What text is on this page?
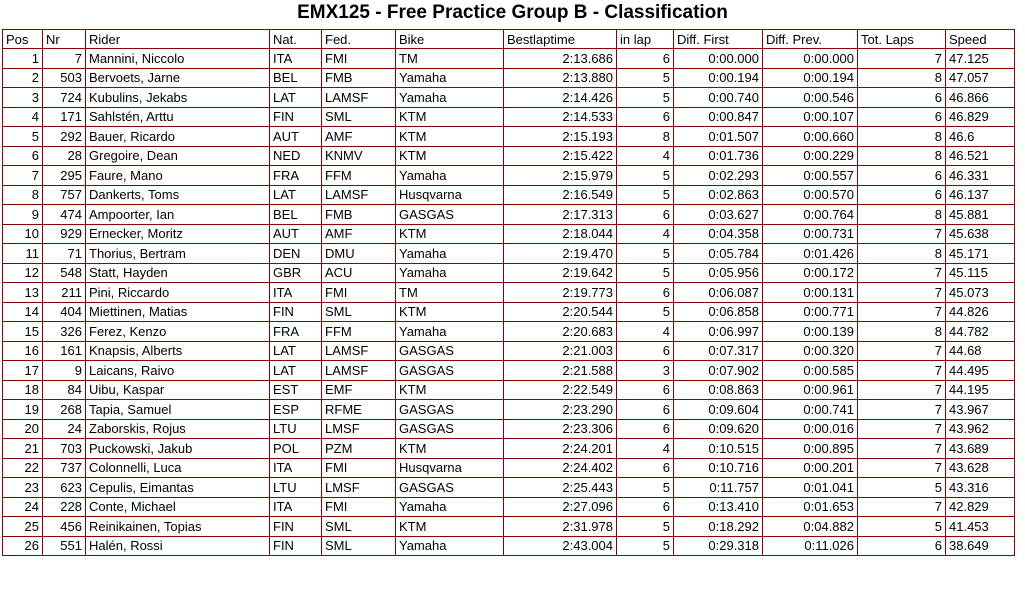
EMX125 - Free Practice Group B - Classification
Pos	Nr	Rider	Nat.	Fed.	Bike	Bestlaptime	in lap	Diff. First	Diff. Prev.	Tot. Laps	Speed
1	7	Mannini, Niccolo	ITA	FMI	TM	2:13.686	6	0:00.000	0:00.000	7	47.125
2	503	Bervoets, Jarne	BEL	FMB	Yamaha	2:13.880	5	0:00.194	0:00.194	8	47.057
3	724	Kubulins, Jekabs	LAT	LAMSF	Yamaha	2:14.426	5	0:00.740	0:00.546	6	46.866
4	171	Sahlstén, Arttu	FIN	SML	KTM	2:14.533	6	0:00.847	0:00.107	6	46.829
5	292	Bauer, Ricardo	AUT	AMF	KTM	2:15.193	8	0:01.507	0:00.660	8	46.6
6	28	Gregoire, Dean	NED	KNMV	KTM	2:15.422	4	0:01.736	0:00.229	8	46.521
7	295	Faure, Mano	FRA	FFM	Yamaha	2:15.979	5	0:02.293	0:00.557	6	46.331
8	757	Dankerts, Toms	LAT	LAMSF	Husqvarna	2:16.549	5	0:02.863	0:00.570	6	46.137
9	474	Ampoorter, Ian	BEL	FMB	GASGAS	2:17.313	6	0:03.627	0:00.764	8	45.881
10	929	Ernecker, Moritz	AUT	AMF	KTM	2:18.044	4	0:04.358	0:00.731	7	45.638
11	71	Thorius, Bertram	DEN	DMU	Yamaha	2:19.470	5	0:05.784	0:01.426	8	45.171
12	548	Statt, Hayden	GBR	ACU	Yamaha	2:19.642	5	0:05.956	0:00.172	7	45.115
13	211	Pini, Riccardo	ITA	FMI	TM	2:19.773	6	0:06.087	0:00.131	7	45.073
14	404	Miettinen, Matias	FIN	SML	KTM	2:20.544	5	0:06.858	0:00.771	7	44.826
15	326	Ferez, Kenzo	FRA	FFM	Yamaha	2:20.683	4	0:06.997	0:00.139	8	44.782
16	161	Knapsis, Alberts	LAT	LAMSF	GASGAS	2:21.003	6	0:07.317	0:00.320	7	44.68
17	9	Laicans, Raivo	LAT	LAMSF	GASGAS	2:21.588	3	0:07.902	0:00.585	7	44.495
18	84	Uibu, Kaspar	EST	EMF	KTM	2:22.549	6	0:08.863	0:00.961	7	44.195
19	268	Tapia, Samuel	ESP	RFME	GASGAS	2:23.290	6	0:09.604	0:00.741	7	43.967
20	24	Zaborskis, Rojus	LTU	LMSF	GASGAS	2:23.306	6	0:09.620	0:00.016	7	43.962
21	703	Puckowski, Jakub	POL	PZM	KTM	2:24.201	4	0:10.515	0:00.895	7	43.689
22	737	Colonnelli, Luca	ITA	FMI	Husqvarna	2:24.402	6	0:10.716	0:00.201	7	43.628
23	623	Cepulis, Eimantas	LTU	LMSF	GASGAS	2:25.443	5	0:11.757	0:01.041	5	43.316
24	228	Conte, Michael	ITA	FMI	Yamaha	2:27.096	6	0:13.410	0:01.653	7	42.829
25	456	Reinikainen, Topias	FIN	SML	KTM	2:31.978	5	0:18.292	0:04.882	5	41.453
26	551	Halén, Rossi	FIN	SML	Yamaha	2:43.004	5	0:29.318	0:11.026	6	38.649
